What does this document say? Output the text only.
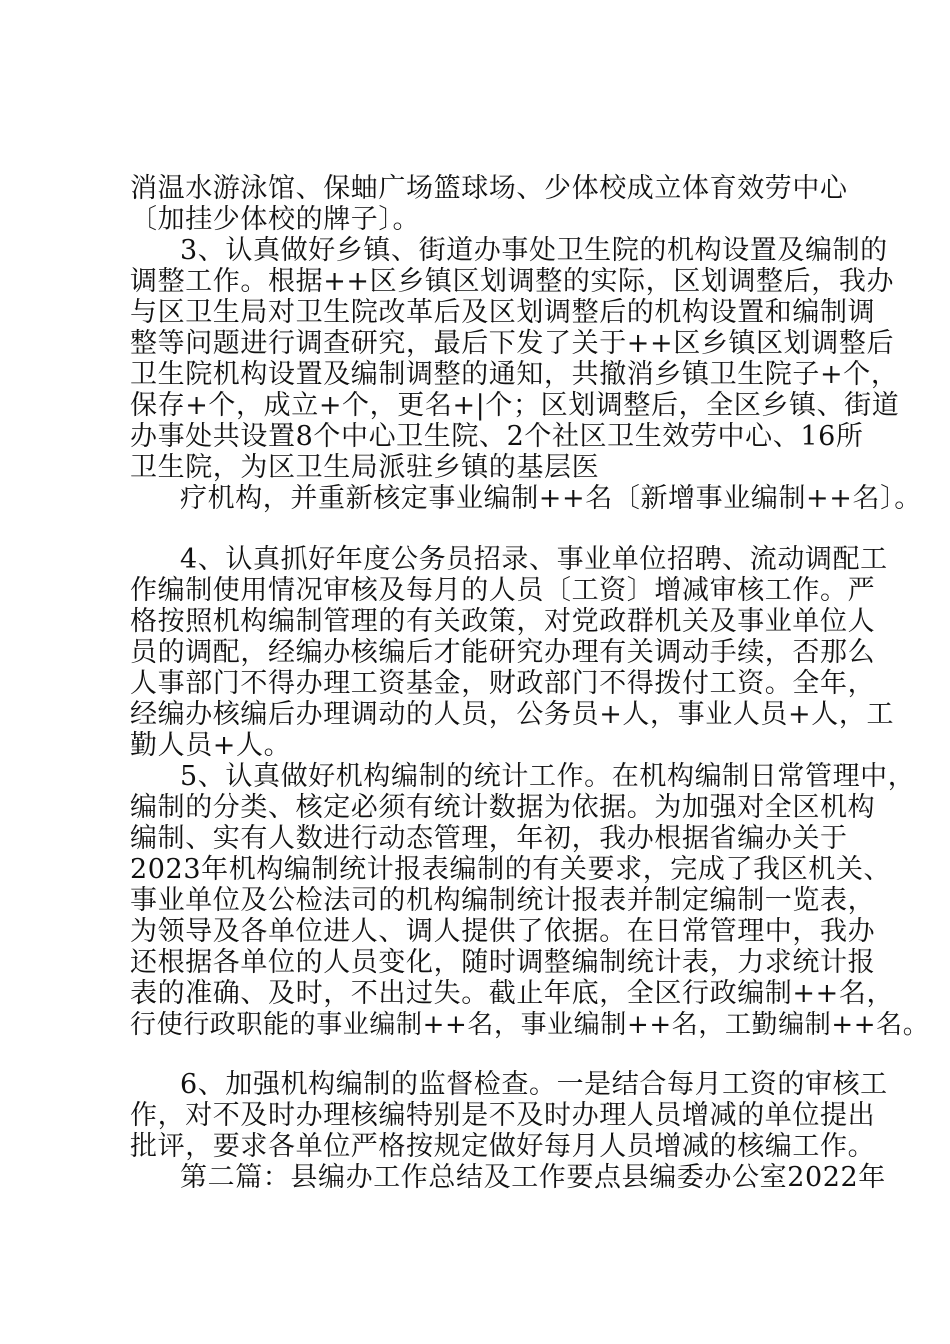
消温水游泳馆、保蚰广场篮球场、少体校成立体育效劳中心

〔加挂少体校的牌子〕。

3、认真做好乡镇、街道办事处卫生院的机构设置及编制的

调整工作。根据++区乡镇区划调整的实际，区划调整后，我办

与区卫生局对卫生院改革后及区划调整后的机构设置和编制调

整等问题进行调查研究，最后下发了关于++区乡镇区划调整后

卫生院机构设置及编制调整的通知，共撤消乡镇卫生院子+个，

保存+个，成立+个，更名+|个；区划调整后，全区乡镇、街道

办事处共设置8个中心卫生院、2个社区卫生效劳中心、16所

卫生院，为区卫生局派驻乡镇的基层医

疗机构，并重新核定事业编制++名〔新增事业编制++名〕。

4、认真抓好年度公务员招录、事业单位招聘、流动调配工

作编制使用情况审核及每月的人员〔工资〕增减审核工作。严

格按照机构编制管理的有关政策，对党政群机关及事业单位人

员的调配，经编办核编后才能研究办理有关调动手续，否那么

人事部门不得办理工资基金，财政部门不得拨付工资。全年，

经编办核编后办理调动的人员，公务员+人，事业人员+人，工

勤人员+人。

5、认真做好机构编制的统计工作。在机构编制日常管理中，

编制的分类、核定必须有统计数据为依据。为加强对全区机构

编制、实有人数进行动态管理，年初，我办根据省编办关于

2023年机构编制统计报表编制的有关要求，完成了我区机关、

事业单位及公检法司的机构编制统计报表并制定编制一览表，

为领导及各单位进人、调人提供了依据。在日常管理中，我办

还根据各单位的人员变化，随时调整编制统计表，力求统计报

表的准确、及时，不出过失。截止年底，全区行政编制++名，

行使行政职能的事业编制++名，事业编制++名，工勤编制++名。

6、加强机构编制的监督检查。一是结合每月工资的审核工

作，对不及时办理核编特别是不及时办理人员增减的单位提出

批评，要求各单位严格按规定做好每月人员增减的核编工作。

第二篇：县编办工作总结及工作要点县编委办公室2022年
